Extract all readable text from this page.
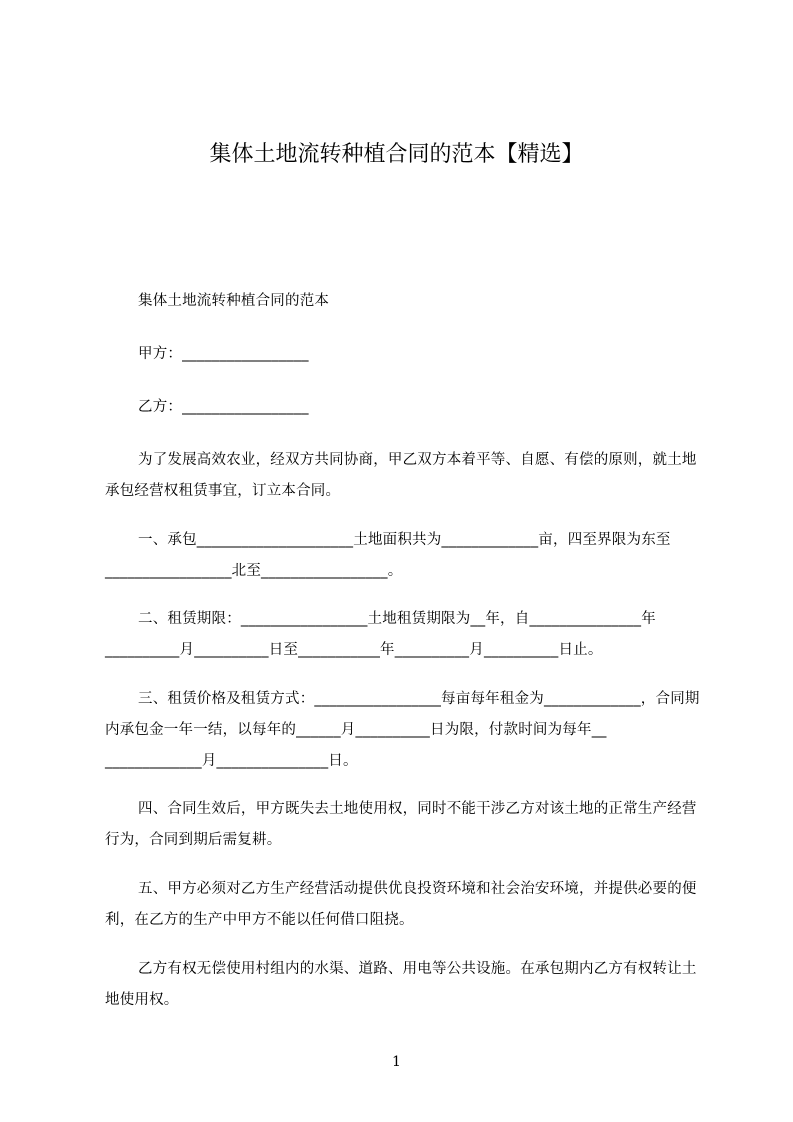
集体土地流转种植合同的范本【精选】

集体土地流转种植合同的范本

甲方：_________________

乙方：_________________

为了发展高效农业，经双方共同协商，甲乙双方本着平等、自愿、有偿的原则，就土地承包经营权租赁事宜，订立本合同。

一、承包_____________________土地面积共为_____________亩，四至界限为东至_________________北至_________________。

二、租赁期限：_________________土地租赁期限为__年，自_______________年__________月__________日至___________年__________月__________日止。

三、租赁价格及租赁方式：_________________每亩每年租金为_____________，合同期内承包金一年一结，以每年的______月__________日为限，付款时间为每年__ _____________月_______________日。

四、合同生效后，甲方既失去土地使用权，同时不能干涉乙方对该土地的正常生产经营行为，合同到期后需复耕。

五、甲方必须对乙方生产经营活动提供优良投资环境和社会治安环境，并提供必要的便利，在乙方的生产中甲方不能以任何借口阻挠。

乙方有权无偿使用村组内的水渠、道路、用电等公共设施。在承包期内乙方有权转让土地使用权。

1
